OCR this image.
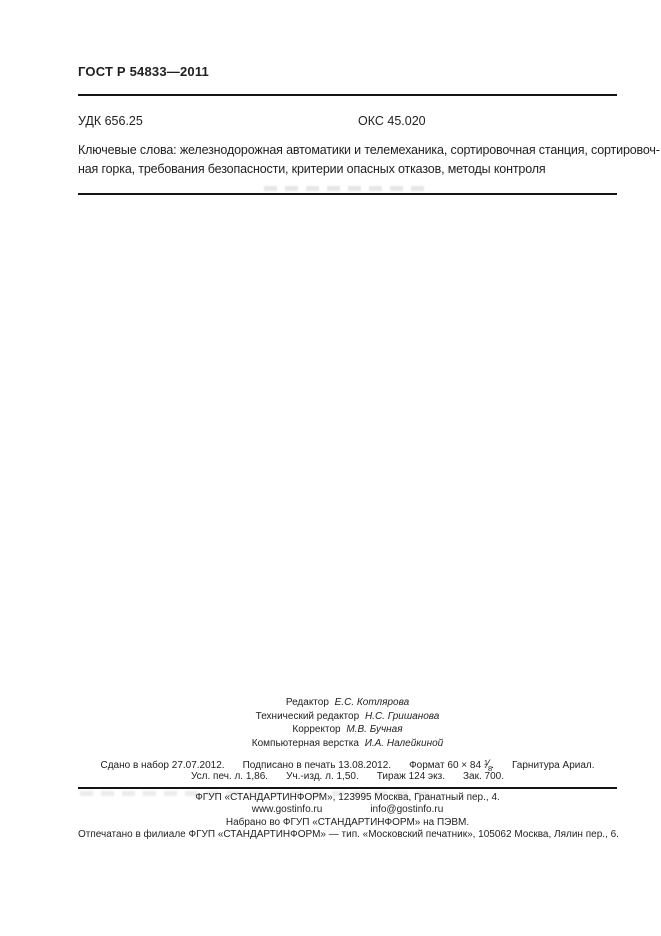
ГОСТ Р 54833—2011
УДК 656.25	ОКС 45.020
Ключевые слова: железнодорожная автоматики и телемеханика, сортировочная станция, сортировоч-
ная горка, требования безопасности, критерии опасных отказов, методы контроля
Редактор Е.С. Котлярова
Технический редактор Н.С. Гришанова
Корректор М.В. Бучная
Компьютерная верстка И.А. Налейкиной
Сдано в набор 27.07.2012. Подписано в печать 13.08.2012. Формат 60 × 84 $^1⁄_8$. Гарнитура Ариал.
Усл. печ. л. 1,86. Уч.-изд. л. 1,50. Тираж 124 экз. Зак. 700.
ФГУП «СТАНДАРТИНФОРМ», 123995 Москва, Гранатный пер., 4.
www.gostinfo.ru	info@gostinfo.ru
Набрано во ФГУП «СТАНДАРТИНФОРМ» на ПЭВМ.
Отпечатано в филиале ФГУП «СТАНДАРТИНФОРМ» — тип. «Московский печатник», 105062 Москва, Лялин пер., 6.
